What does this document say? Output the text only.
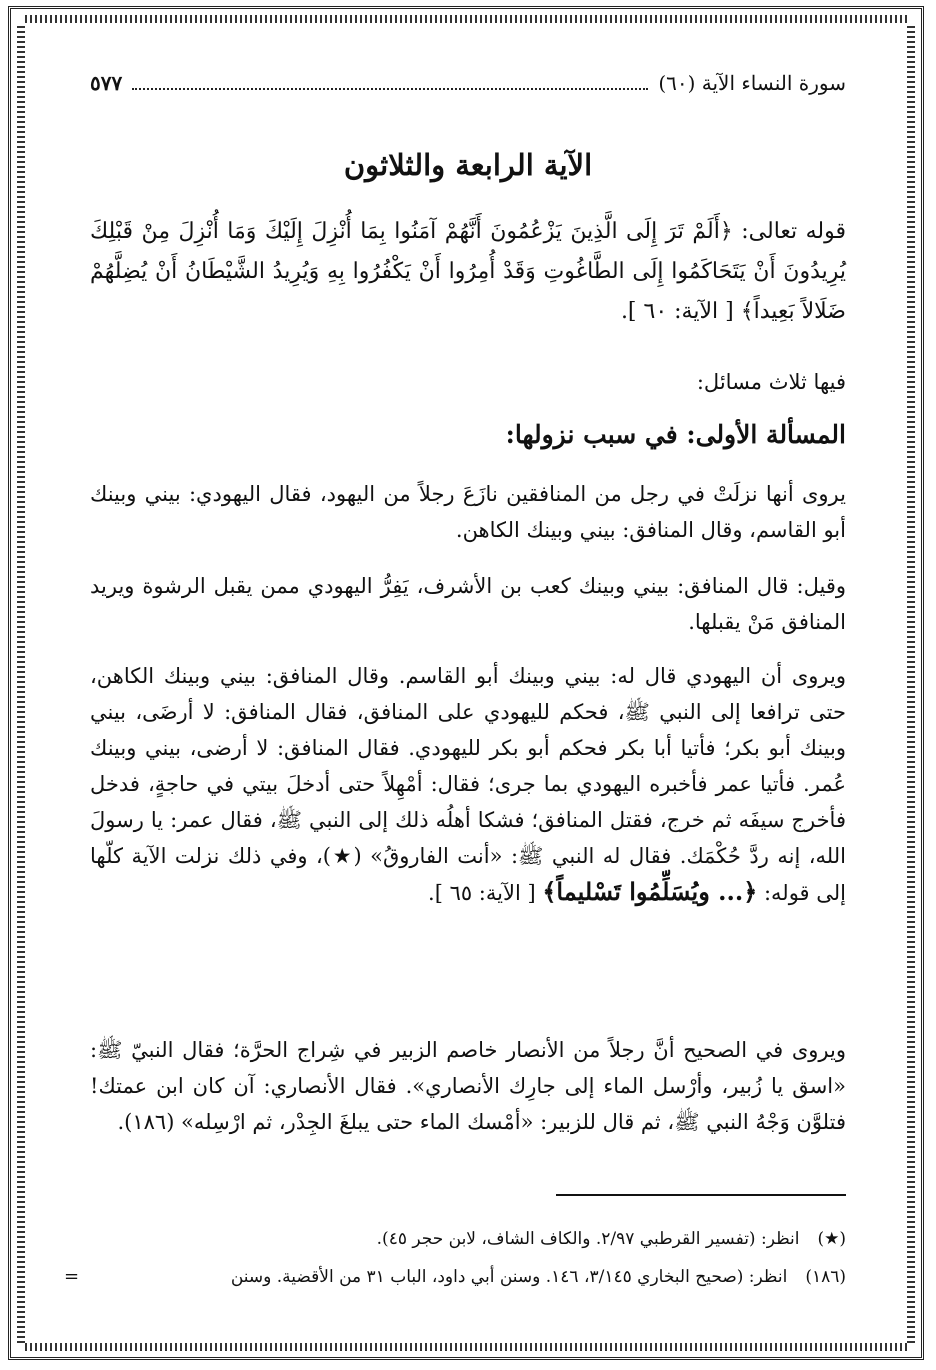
سورة النساء الآية (٦٠)
٥٧٧
الآية الرابعة والثلاثون
قوله تعالى: ﴿أَلَمْ تَرَ إِلَى الَّذِينَ يَزْعُمُونَ أَنَّهُمْ آمَنُوا بِمَا أُنْزِلَ إِلَيْكَ وَمَا أُنْزِلَ مِنْ قَبْلِكَ يُرِيدُونَ أَنْ يَتَحَاكَمُوا إِلَى الطَّاغُوتِ وَقَدْ أُمِرُوا أَنْ يَكْفُرُوا بِهِ وَيُرِيدُ الشَّيْطَانُ أَنْ يُضِلَّهُمْ ضَلَالاً بَعِيداً﴾ [ الآية: ٦٠ ].
فيها ثلاث مسائل:
المسألة الأولى: في سبب نزولها:
يروى أنها نزلَتْ في رجل من المنافقين نازَعَ رجلاً من اليهود، فقال اليهودي: بيني وبينك أبو القاسم، وقال المنافق: بيني وبينك الكاهن.
وقيل: قال المنافق: بيني وبينك كعب بن الأشرف، يَفِرُّ اليهودي ممن يقبل الرشوة ويريد المنافق مَنْ يقبلها.
ويروى أن اليهودي قال له: بيني وبينك أبو القاسم. وقال المنافق: بيني وبينك الكاهن، حتى ترافعا إلى النبي ﷺ، فحكم لليهودي على المنافق، فقال المنافق: لا أرضَى، بيني وبينك أبو بكر؛ فأتيا أبا بكر فحكم أبو بكر لليهودي. فقال المنافق: لا أرضى، بيني وبينك عُمر. فأتيا عمر فأخبره اليهودي بما جرى؛ فقال: أمْهِلاً حتى أدخلَ بيتي في حاجةٍ، فدخل فأخرج سيفَه ثم خرج، فقتل المنافق؛ فشكا أهلُه ذلك إلى النبي ﷺ، فقال عمر: يا رسولَ الله، إنه ردَّ حُكْمَك. فقال له النبي ﷺ: «أنت الفاروقُ» (★)، وفي ذلك نزلت الآية كلّها إلى قوله: ﴿... ويُسَلِّمُوا تَسْليماً﴾ [ الآية: ٦٥ ].
ويروى في الصحيح أنَّ رجلاً من الأنصار خاصم الزبير في شِراج الحرَّة؛ فقال النبيّ ﷺ: «اسق يا زُبير، وأرْسل الماء إلى جارِك الأنصاري». فقال الأنصاري: آن كان ابن عمتك! فتلوَّن وَجْهُ النبي ﷺ، ثم قال للزبير: «أمْسك الماء حتى يبلغَ الجِدْر، ثم ارْسِله» (١٨٦).
(★)انظر: (تفسير القرطبي ٢/٩٧. والكاف الشاف، لابن حجر ٤٥).
(١٨٦)انظر: (صحيح البخاري ٣/١٤٥، ١٤٦. وسنن أبي داود، الباب ٣١ من الأقضية. وسنن
=
